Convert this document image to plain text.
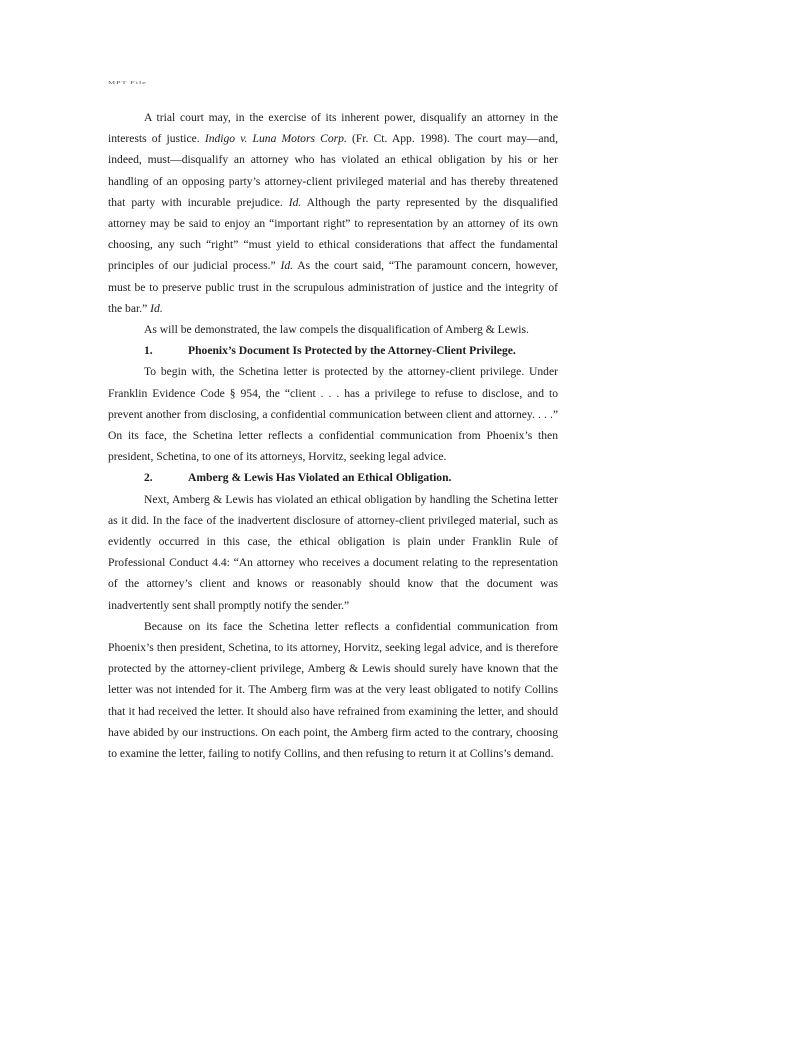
MPT File

A trial court may, in the exercise of its inherent power, disqualify an attorney in the interests of justice. Indigo v. Luna Motors Corp. (Fr. Ct. App. 1998). The court may—and, indeed, must—disqualify an attorney who has violated an ethical obligation by his or her handling of an opposing party’s attorney-client privileged material and has thereby threatened that party with incurable prejudice. Id. Although the party represented by the disqualified attorney may be said to enjoy an “important right” to representation by an attorney of its own choosing, any such “right” “must yield to ethical considerations that affect the fundamental principles of our judicial process.” Id. As the court said, “The paramount concern, however, must be to preserve public trust in the scrupulous administration of justice and the integrity of the bar.” Id.

As will be demonstrated, the law compels the disqualification of Amberg & Lewis.

1.	Phoenix’s Document Is Protected by the Attorney-Client Privilege.

To begin with, the Schetina letter is protected by the attorney-client privilege. Under Franklin Evidence Code § 954, the “client . . . has a privilege to refuse to disclose, and to prevent another from disclosing, a confidential communication between client and attorney. . . .” On its face, the Schetina letter reflects a confidential communication from Phoenix’s then president, Schetina, to one of its attorneys, Horvitz, seeking legal advice.

2.	Amberg & Lewis Has Violated an Ethical Obligation.

Next, Amberg & Lewis has violated an ethical obligation by handling the Schetina letter as it did. In the face of the inadvertent disclosure of attorney-client privileged material, such as evidently occurred in this case, the ethical obligation is plain under Franklin Rule of Professional Conduct 4.4: “An attorney who receives a document relating to the representation of the attorney’s client and knows or reasonably should know that the document was inadvertently sent shall promptly notify the sender.”

Because on its face the Schetina letter reflects a confidential communication from Phoenix’s then president, Schetina, to its attorney, Horvitz, seeking legal advice, and is therefore protected by the attorney-client privilege, Amberg & Lewis should surely have known that the letter was not intended for it. The Amberg firm was at the very least obligated to notify Collins that it had received the letter. It should also have refrained from examining the letter, and should have abided by our instructions. On each point, the Amberg firm acted to the contrary, choosing to examine the letter, failing to notify Collins, and then refusing to return it at Collins’s demand.
